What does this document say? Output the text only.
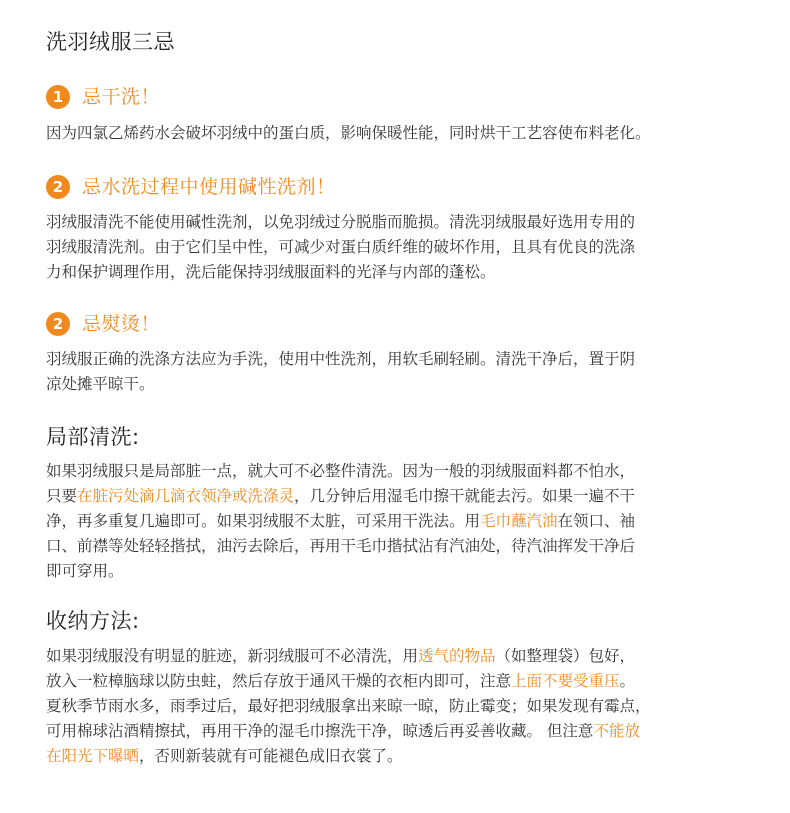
洗羽绒服三忌
1 忌干洗！
因为四氯乙烯药水会破坏羽绒中的蛋白质，影响保暖性能，同时烘干工艺容使布料老化。
2 忌水洗过程中使用碱性洗剂！
羽绒服清洗不能使用碱性洗剂，以免羽绒过分脱脂而脆损。清洗羽绒服最好选用专用的
羽绒服清洗剂。由于它们呈中性，可减少对蛋白质纤维的破坏作用，且具有优良的洗涤
力和保护调理作用，洗后能保持羽绒服面料的光泽与内部的蓬松。
2 忌熨烫！
羽绒服正确的洗涤方法应为手洗，使用中性洗剂，用软毛刷轻刷。清洗干净后，置于阴
凉处摊平晾干。
局部清洗:
如果羽绒服只是局部脏一点，就大可不必整件清洗。因为一般的羽绒服面料都不怕水，
只要在脏污处滴几滴衣领净或洗涤灵，几分钟后用湿毛巾擦干就能去污。如果一遍不干
净，再多重复几遍即可。如果羽绒服不太脏，可采用干洗法。用毛巾蘸汽油在领口、袖
口、前襟等处轻轻揩拭，油污去除后，再用干毛巾揩拭沾有汽油处，待汽油挥发干净后
即可穿用。
收纳方法:
如果羽绒服没有明显的脏迹，新羽绒服可不必清洗，用透气的物品（如整理袋）包好，
放入一粒樟脑球以防虫蛀，然后存放于通风干燥的衣柜内即可，注意上面不要受重压。
夏秋季节雨水多，雨季过后，最好把羽绒服拿出来晾一晾，防止霉变；如果发现有霉点，
可用棉球沾酒精擦拭，再用干净的湿毛巾擦洗干净，晾透后再妥善收藏。 但注意不能放
在阳光下曝晒，否则新装就有可能褪色成旧衣裳了。
